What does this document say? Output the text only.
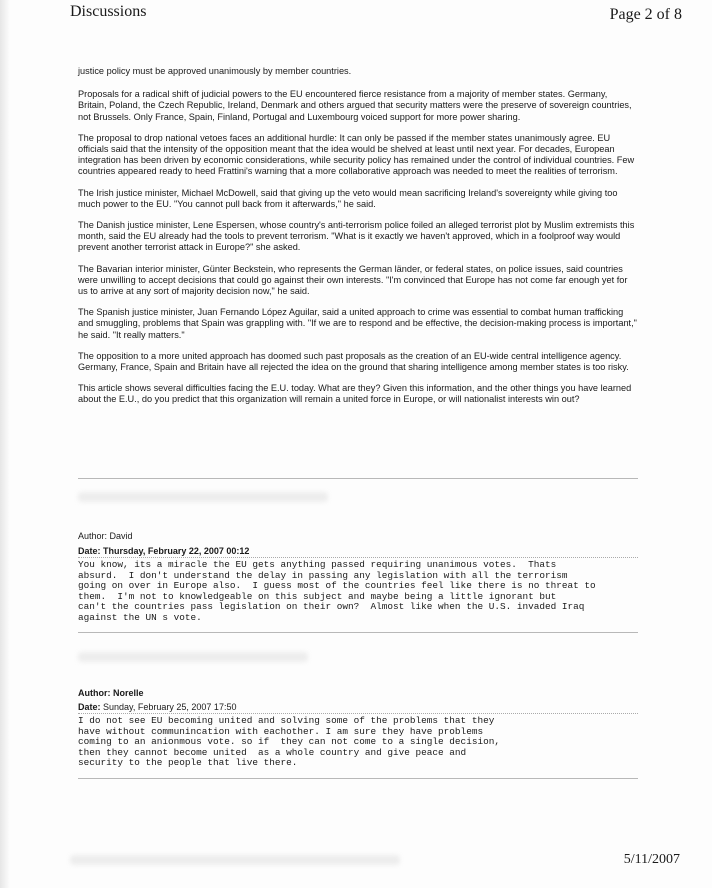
Discussions	Page 2 of 8

justice policy must be approved unanimously by member countries.

Proposals for a radical shift of judicial powers to the EU encountered fierce resistance from a majority of member states. Germany, Britain, Poland, the Czech Republic, Ireland, Denmark and others argued that security matters were the preserve of sovereign countries, not Brussels. Only France, Spain, Finland, Portugal and Luxembourg voiced support for more power sharing.

The proposal to drop national vetoes faces an additional hurdle: It can only be passed if the member states unanimously agree. EU officials said that the intensity of the opposition meant that the idea would be shelved at least until next year. For decades, European integration has been driven by economic considerations, while security policy has remained under the control of individual countries. Few countries appeared ready to heed Frattini's warning that a more collaborative approach was needed to meet the realities of terrorism.

The Irish justice minister, Michael McDowell, said that giving up the veto would mean sacrificing Ireland's sovereignty while giving too much power to the EU. "You cannot pull back from it afterwards," he said.

The Danish justice minister, Lene Espersen, whose country's anti-terrorism police foiled an alleged terrorist plot by Muslim extremists this month, said the EU already had the tools to prevent terrorism. "What is it exactly we haven't approved, which in a foolproof way would prevent another terrorist attack in Europe?" she asked.

The Bavarian interior minister, Günter Beckstein, who represents the German länder, or federal states, on police issues, said countries were unwilling to accept decisions that could go against their own interests. "I'm convinced that Europe has not come far enough yet for us to arrive at any sort of majority decision now," he said.

The Spanish justice minister, Juan Fernando López Aguilar, said a united approach to crime was essential to combat human trafficking and smuggling, problems that Spain was grappling with. "If we are to respond and be effective, the decision-making process is important," he said. "It really matters."

The opposition to a more united approach has doomed such past proposals as the creation of an EU-wide central intelligence agency. Germany, France, Spain and Britain have all rejected the idea on the ground that sharing intelligence among member states is too risky.

This article shows several difficulties facing the E.U. today. What are they? Given this information, and the other things you have learned about the E.U., do you predict that this organization will remain a united force in Europe, or will nationalist interests win out?

Author: David
Date: Thursday, February 22, 2007 00:12
You know, its a miracle the EU gets anything passed requiring unanimous votes.  Thats
absurd.  I don't understand the delay in passing any legislation with all the terrorism
going on over in Europe also.  I guess most of the countries feel like there is no threat to
them.  I'm not to knowledgeable on this subject and maybe being a little ignorant but
can't the countries pass legislation on their own?  Almost like when the U.S. invaded Iraq
against the UN s vote.
Author: Norelle
Date: Sunday, February 25, 2007 17:50
I do not see EU becoming united and solving some of the problems that they
have without communincation with eachother. I am sure they have problems
coming to an anionmous vote. so if  they can not come to a single decision,
then they cannot become united  as a whole country and give peace and
security to the people that live there.
5/11/2007
